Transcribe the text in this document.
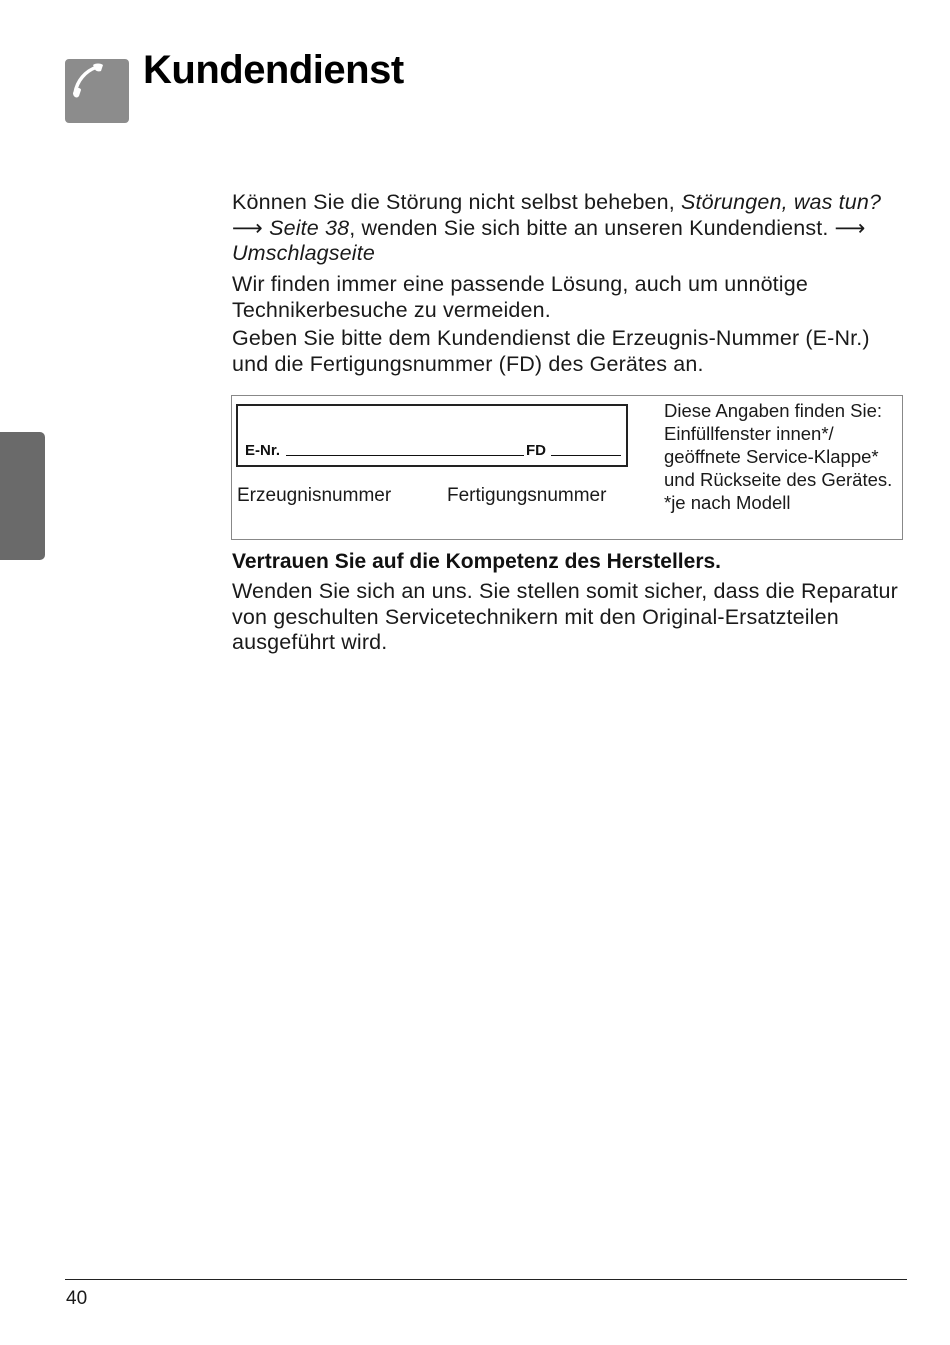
Kundendienst

Können Sie die Störung nicht selbst beheben, Störungen, was tun? ⟶ Seite 38, wenden Sie sich bitte an unseren Kundendienst. ⟶ Umschlagseite

Wir finden immer eine passende Lösung, auch um unnötige Technikerbesuche zu vermeiden.

Geben Sie bitte dem Kundendienst die Erzeugnis-Nummer (E-Nr.) und die Fertigungsnummer (FD) des Gerätes an.

E-Nr.	FD
Erzeugnisnummer	Fertigungsnummer
Diese Angaben finden Sie: Einfüllfenster innen*/ geöffnete Service-Klappe* und Rückseite des Gerätes.
*je nach Modell

Vertrauen Sie auf die Kompetenz des Herstellers.

Wenden Sie sich an uns. Sie stellen somit sicher, dass die Reparatur von geschulten Servicetechnikern mit den Original-Ersatzteilen ausgeführt wird.

40
